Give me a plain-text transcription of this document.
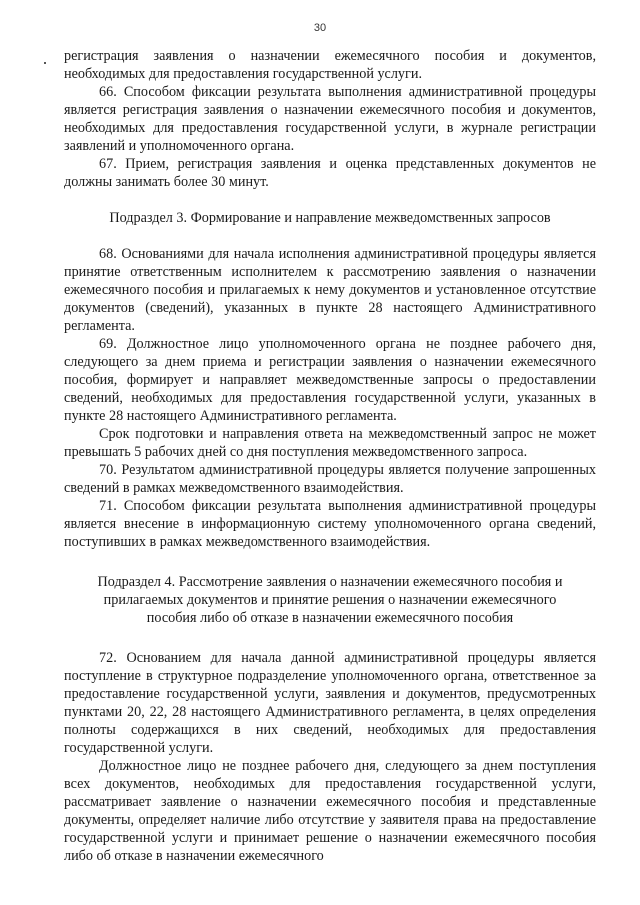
30

регистрация заявления о назначении ежемесячного пособия и документов, необходимых для предоставления государственной услуги.

66. Способом фиксации результата выполнения административной процедуры является регистрация заявления о назначении ежемесячного пособия и документов, необходимых для предоставления государственной услуги, в журнале регистрации заявлений и уполномоченного органа.

67. Прием, регистрация заявления и оценка представленных документов не должны занимать более 30 минут.

Подраздел 3. Формирование и направление межведомственных запросов

68. Основаниями для начала исполнения административной процедуры является принятие ответственным исполнителем к рассмотрению заявления о назначении ежемесячного пособия и прилагаемых к нему документов и установленное отсутствие документов (сведений), указанных в пункте 28 настоящего Административного регламента.

69. Должностное лицо уполномоченного органа не позднее рабочего дня, следующего за днем приема и регистрации заявления о назначении ежемесячного пособия, формирует и направляет межведомственные запросы о предоставлении сведений, необходимых для предоставления государственной услуги, указанных в пункте 28 настоящего Административного регламента.

Срок подготовки и направления ответа на межведомственный запрос не может превышать 5 рабочих дней со дня поступления межведомственного запроса.

70. Результатом административной процедуры является получение запрошенных сведений в рамках межведомственного взаимодействия.

71. Способом фиксации результата выполнения административной процедуры является внесение в информационную систему уполномоченного органа сведений, поступивших в рамках межведомственного взаимодействия.

Подраздел 4. Рассмотрение заявления о назначении ежемесячного пособия и

прилагаемых документов и принятие решения о назначении ежемесячного

пособия либо об отказе в назначении ежемесячного пособия

72. Основанием для начала данной административной процедуры является поступление в структурное подразделение уполномоченного органа, ответственное за предоставление государственной услуги, заявления и документов, предусмотренных пунктами 20, 22, 28 настоящего Административного регламента, в целях определения полноты содержащихся в них сведений, необходимых для предоставления государственной услуги.

Должностное лицо не позднее рабочего дня, следующего за днем поступления всех документов, необходимых для предоставления государственной услуги, рассматривает заявление о назначении ежемесячного пособия и представленные документы, определяет наличие либо отсутствие у заявителя права на предоставление государственной услуги и принимает решение о назначении ежемесячного пособия либо об отказе в назначении ежемесячного
